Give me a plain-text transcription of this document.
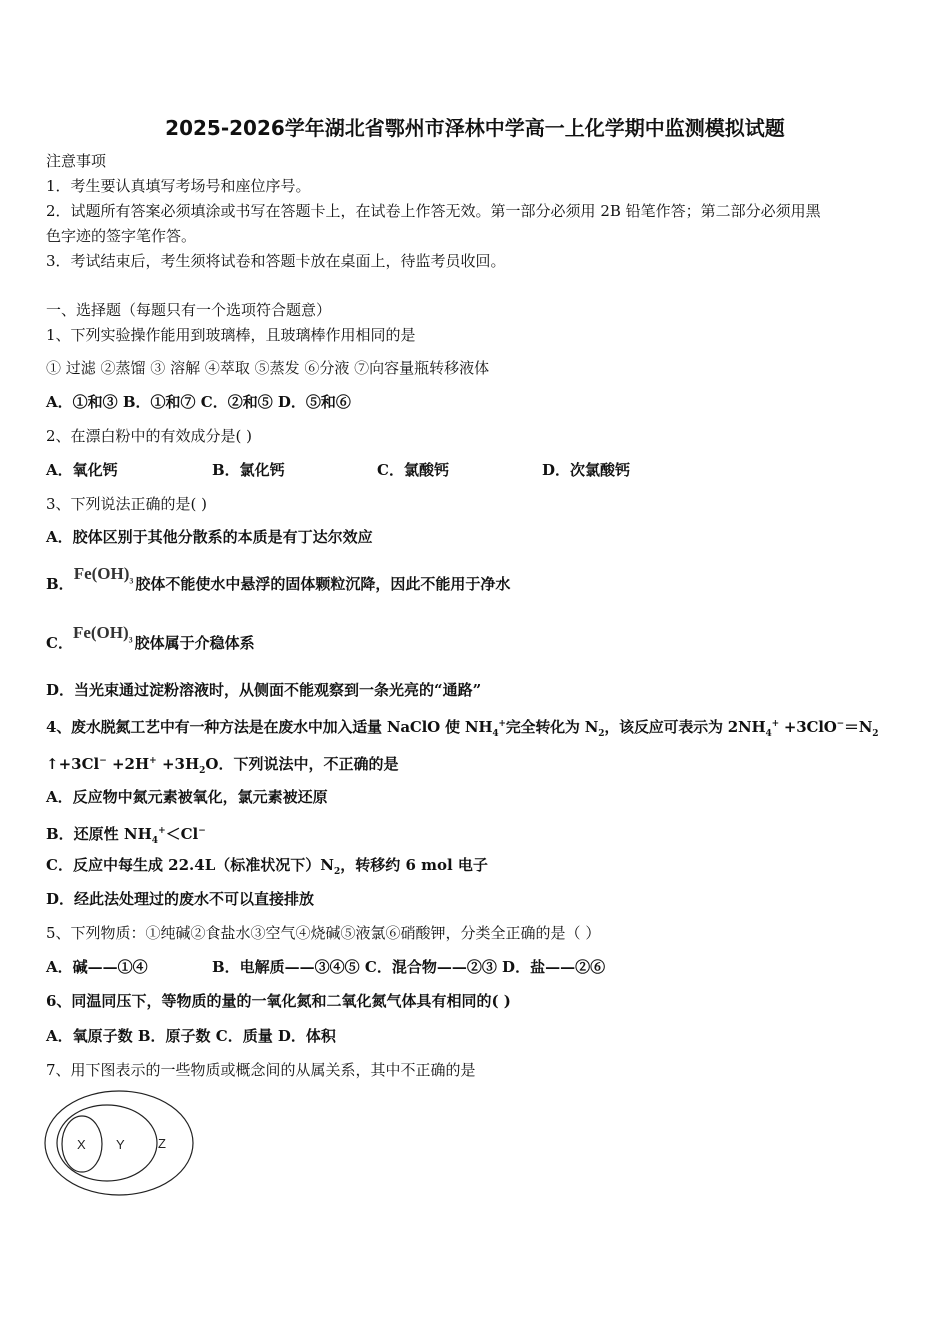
2025-2026学年湖北省鄂州市泽林中学高一上化学期中监测模拟试题
注意事项
1．考生要认真填写考场号和座位序号。
2．试题所有答案必须填涂或书写在答题卡上，在试卷上作答无效。第一部分必须用 2B 铅笔作答；第二部分必须用黑
色字迹的签字笔作答。
3．考试结束后，考生须将试卷和答题卡放在桌面上，待监考员收回。
一、选择题（每题只有一个选项符合题意）
1、下列实验操作能用到玻璃棒，且玻璃棒作用相同的是
① 过滤 ②蒸馏 ③ 溶解 ④萃取 ⑤蒸发 ⑥分液 ⑦向容量瓶转移液体
A．①和③ B．①和⑦ C．②和⑤ D．⑤和⑥
2、在漂白粉中的有效成分是( )
A．氧化钙	B．氯化钙	C．氯酸钙	D．次氯酸钙
3、下列说法正确的是( )
A．胶体区别于其他分散系的本质是有丁达尔效应
B．$Fe(OH)_3$ 胶体不能使水中悬浮的固体颗粒沉降，因此不能用于净水
C．$Fe(OH)_3$ 胶体属于介稳体系
D．当光束通过淀粉溶液时，从侧面不能观察到一条光亮的“通路”
4、废水脱氮工艺中有一种方法是在废水中加入适量 NaClO 使 $NH_4^+$完全转化为 $N_2$，该反应可表示为 $2NH_4^+ +3ClO^-=N_2$
↑+3Cl− $+2H^+ +3H_2O$．下列说法中，不正确的是
A．反应物中氮元素被氧化，氯元素被还原
B．还原性 $NH_4^+<Cl^-$
C．反应中每生成 22.4L（标准状况下）$N_2$，转移约 6 mol 电子
D．经此法处理过的废水不可以直接排放
5、下列物质：①纯碱②食盐水③空气④烧碱⑤液氯⑥硝酸钾，分类全正确的是（ ）
A．碱——①④	B．电解质——③④⑤ C．混合物——②③ D．盐——②⑥
6、同温同压下，等物质的量的一氧化氮和二氧化氮气体具有相同的( )
A．氧原子数 B．原子数 C．质量 D．体积
7、用下图表示的一些物质或概念间的从属关系，其中不正确的是
X Y	Z
